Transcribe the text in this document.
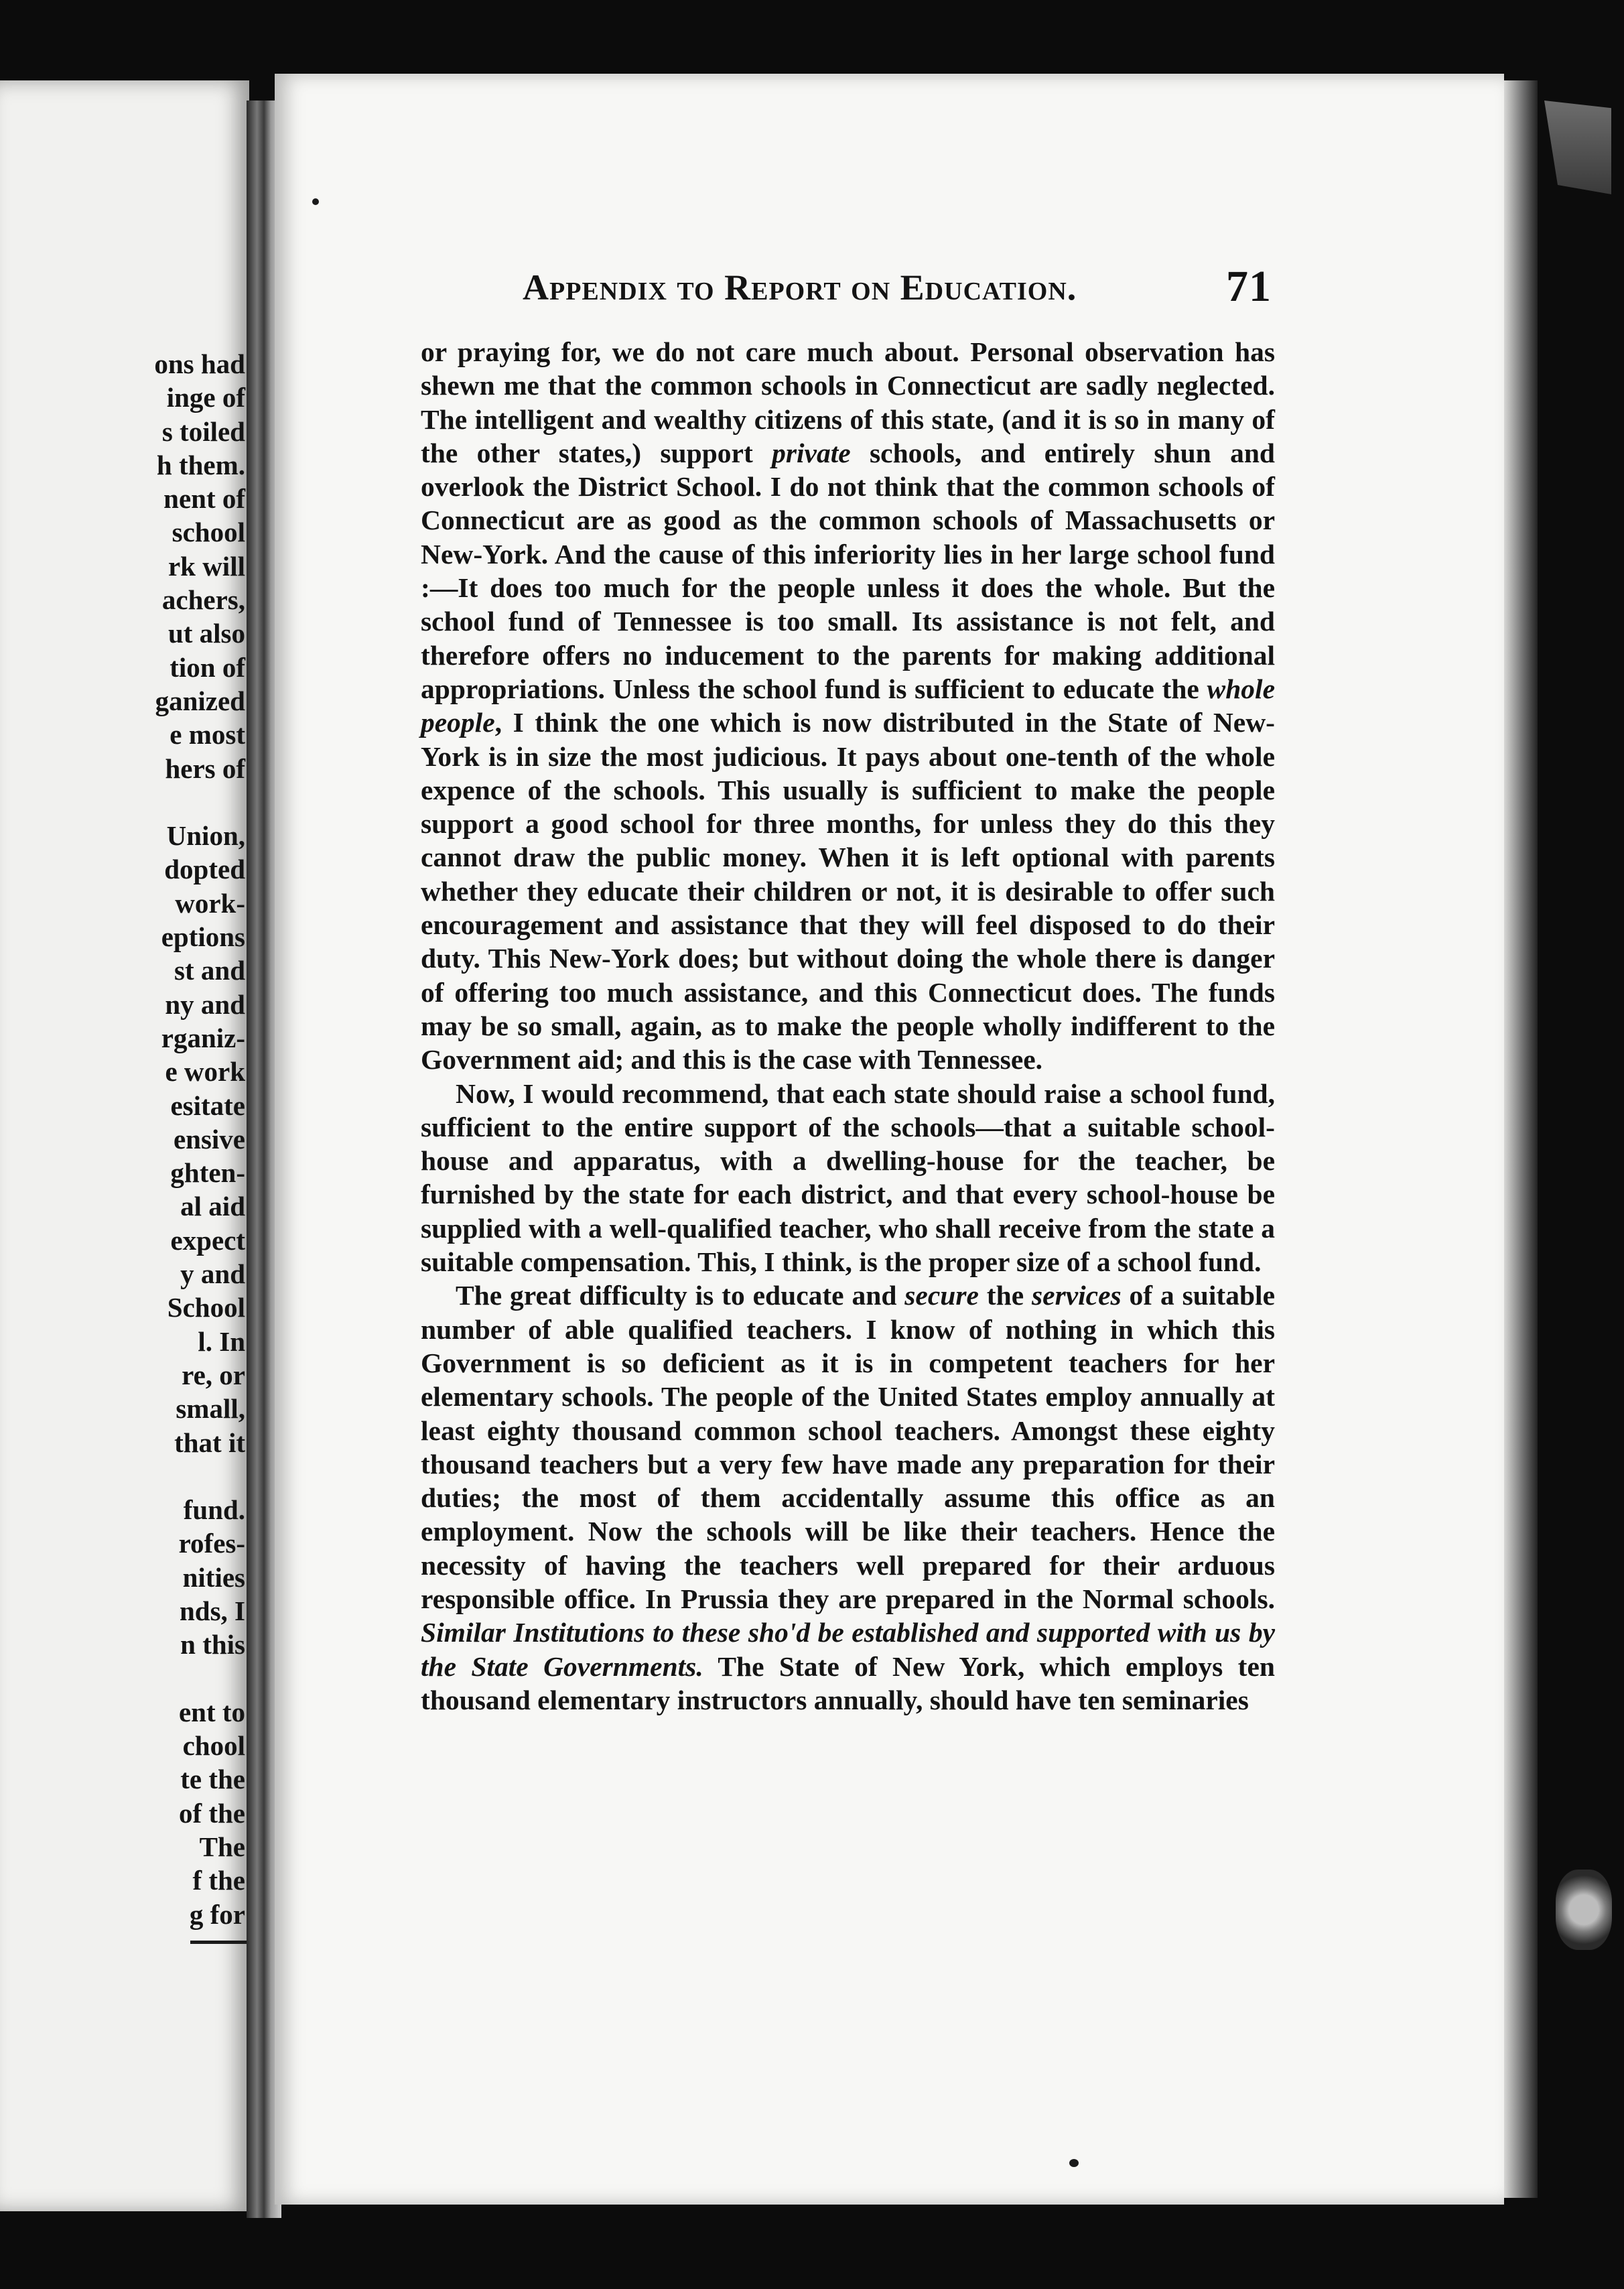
ons had
inge of
s toiled
h them.
nent of
school
rk will
achers,
ut also
tion of
ganized
e most
hers of
Union,
dopted
work-
eptions
st and
ny and
rganiz-
e work
esitate
ensive
ghten-
al aid
expect
y and
School
l. In
re, or
small,
that it
fund.
rofes-
nities
nds, I
n this
ent to
chool
te the
of the
The
f the
g for
Appendix to Report on Education.	71

or praying for, we do not care much about. Personal observation has shewn me that the common schools in Connecticut are sadly neglected. The intelligent and wealthy citizens of this state, (and it is so in many of the other states,) support private schools, and entirely shun and overlook the District School. I do not think that the common schools of Connecticut are as good as the common schools of Massachusetts or New-York. And the cause of this inferiority lies in her large school fund :—It does too much for the people unless it does the whole. But the school fund of Tennessee is too small. Its assistance is not felt, and therefore offers no inducement to the parents for making additional appropriations. Unless the school fund is sufficient to educate the whole people, I think the one which is now distributed in the State of New-York is in size the most judicious. It pays about one-tenth of the whole expence of the schools. This usually is sufficient to make the people support a good school for three months, for unless they do this they cannot draw the public money. When it is left optional with parents whether they educate their children or not, it is desirable to offer such encouragement and assistance that they will feel disposed to do their duty. This New-York does; but without doing the whole there is danger of offering too much assistance, and this Connecticut does. The funds may be so small, again, as to make the people wholly indifferent to the Government aid; and this is the case with Tennessee.

Now, I would recommend, that each state should raise a school fund, sufficient to the entire support of the schools—that a suitable school-house and apparatus, with a dwelling-house for the teacher, be furnished by the state for each district, and that every school-house be supplied with a well-qualified teacher, who shall receive from the state a suitable compensation. This, I think, is the proper size of a school fund.

The great difficulty is to educate and secure the services of a suitable number of able qualified teachers. I know of nothing in which this Government is so deficient as it is in competent teachers for her elementary schools. The people of the United States employ annually at least eighty thousand common school teachers. Amongst these eighty thousand teachers but a very few have made any preparation for their duties; the most of them accidentally assume this office as an employment. Now the schools will be like their teachers. Hence the necessity of having the teachers well prepared for their arduous responsible office. In Prussia they are prepared in the Normal schools. Similar Institutions to these sho'd be established and supported with us by the State Governments. The State of New York, which employs ten thousand elementary instructors annually, should have ten seminaries
